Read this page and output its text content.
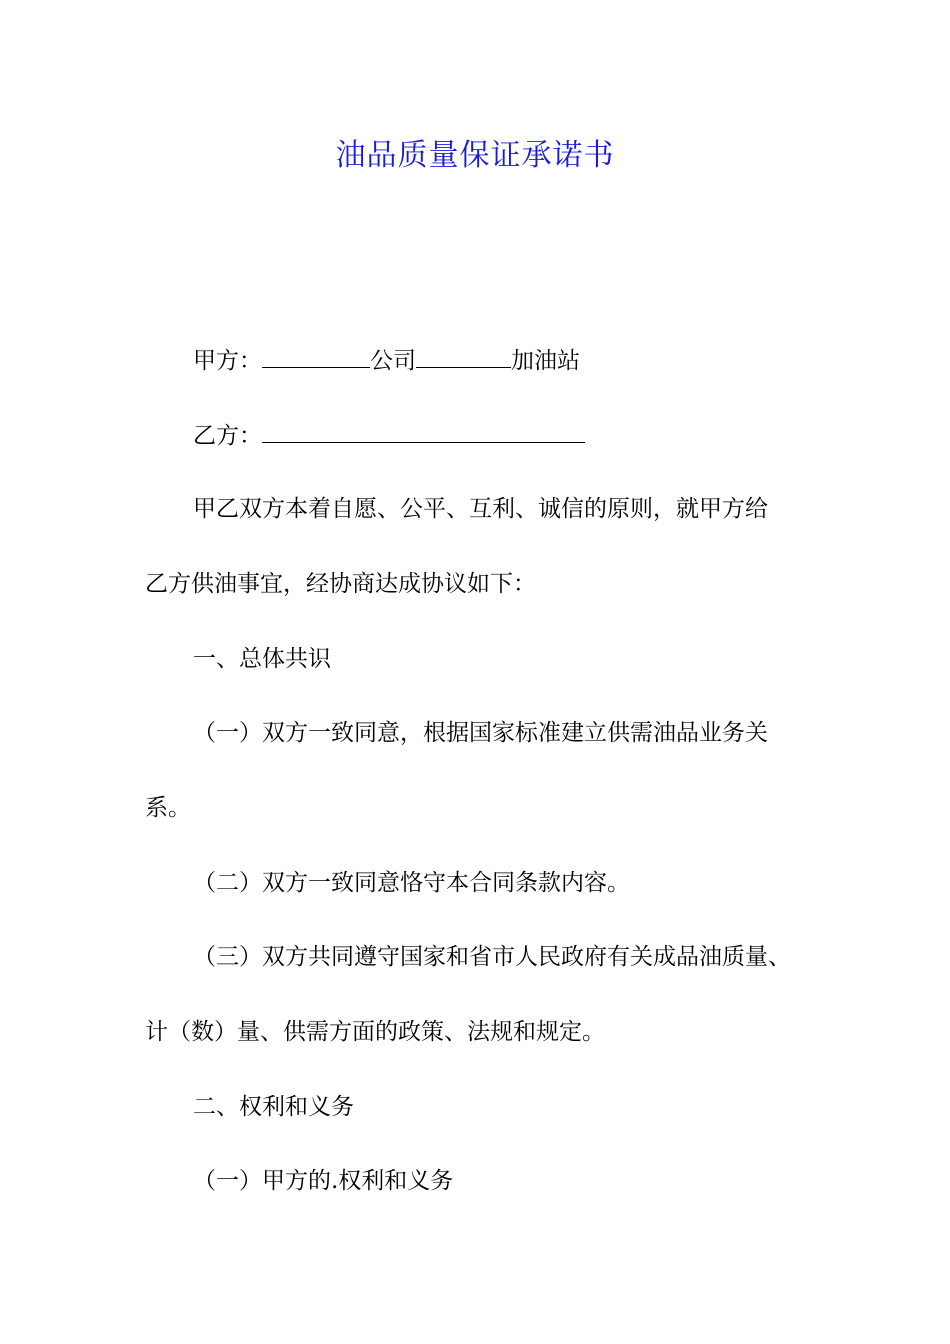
油品质量保证承诺书
甲方：	公司	加油站
乙方：
甲乙双方本着自愿、公平、互利、诚信的原则，就甲方给
乙方供油事宜，经协商达成协议如下：
一、总体共识
（一）双方一致同意，根据国家标准建立供需油品业务关
系。
（二）双方一致同意恪守本合同条款内容。
（三）双方共同遵守国家和省市人民政府有关成品油质量、
计（数）量、供需方面的政策、法规和规定。
二、权利和义务
（一）甲方的.权利和义务
